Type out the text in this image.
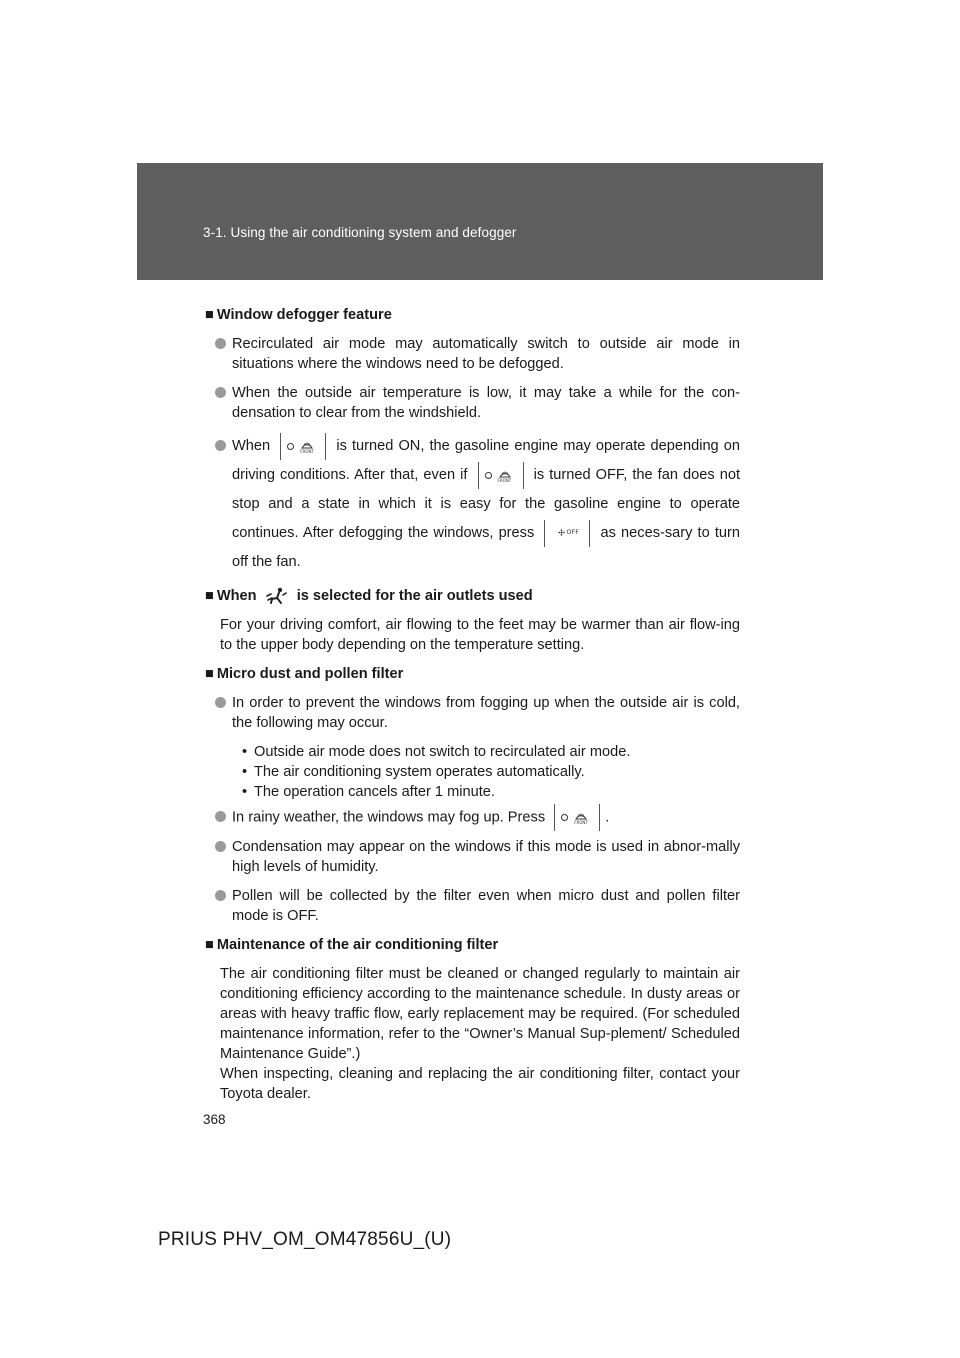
3-1. Using the air conditioning system and defogger
■ Window defogger feature
Recirculated air mode may automatically switch to outside air mode in situations where the windows need to be defogged.
When the outside air temperature is low, it may take a while for the con-densation to clear from the windshield.
When	FRONT is turned ON, the gasoline engine may operate depending on driving conditions. After that, even if	FRONT is turned OFF, the fan does not stop and a state in which it is easy for the gasoline engine to operate continues. After defogging the windows, press	OFF as neces-sary to turn off the fan.
■ When	is selected for the air outlets used
For your driving comfort, air flowing to the feet may be warmer than air flow-ing to the upper body depending on the temperature setting.
■ Micro dust and pollen filter
In order to prevent the windows from fogging up when the outside air is cold, the following may occur.
• Outside air mode does not switch to recirculated air mode.
• The air conditioning system operates automatically.
• The operation cancels after 1 minute.
In rainy weather, the windows may fog up. Press	FRONT .
Condensation may appear on the windows if this mode is used in abnor-mally high levels of humidity.
Pollen will be collected by the filter even when micro dust and pollen filter mode is OFF.
■ Maintenance of the air conditioning filter
The air conditioning filter must be cleaned or changed regularly to maintain air conditioning efficiency according to the maintenance schedule. In dusty areas or areas with heavy traffic flow, early replacement may be required. (For scheduled maintenance information, refer to the “Owner’s Manual Sup-plement/ Scheduled Maintenance Guide”.)
When inspecting, cleaning and replacing the air conditioning filter, contact your Toyota dealer.
368
PRIUS PHV_OM_OM47856U_(U)
